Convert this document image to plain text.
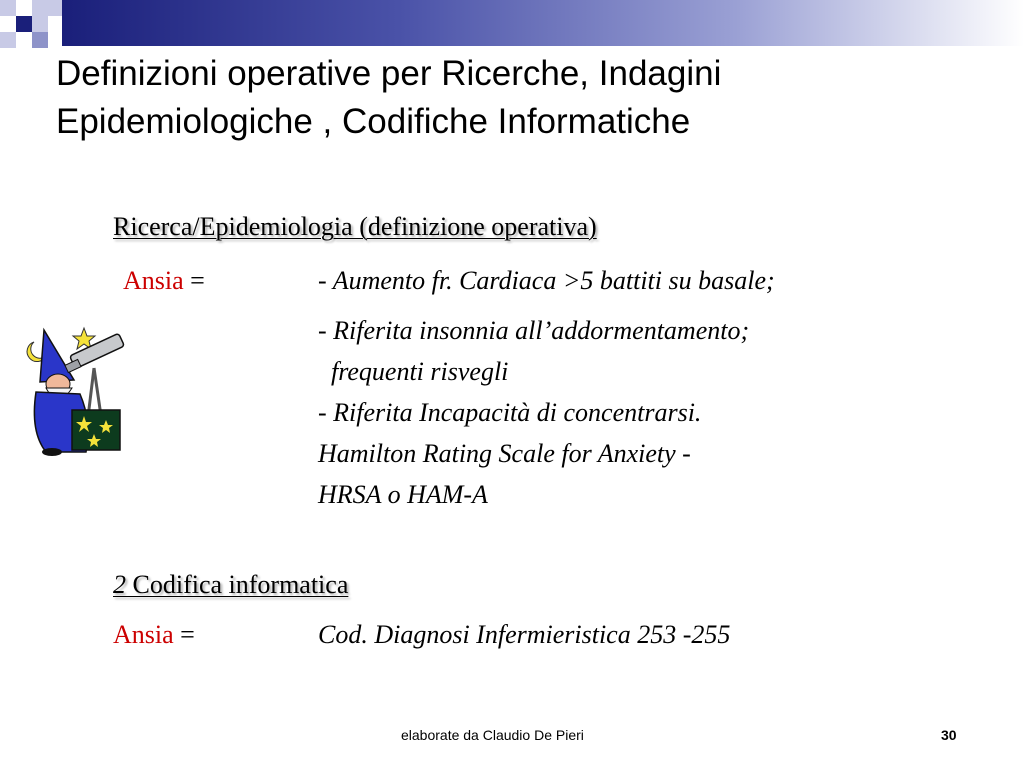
Definizioni operative per Ricerche, Indagini
Epidemiologiche , Codifiche Informatiche
Ricerca/Epidemiologia (definizione operativa)
Ansia =	- Aumento fr. Cardiaca >5 battiti su basale;
- Riferita insonnia all’addormentamento;
frequenti risvegli
- Riferita Incapacità di concentrarsi.
Hamilton Rating Scale for Anxiety -
HRSA o HAM-A
2 Codifica informatica
Ansia =	Cod. Diagnosi Infermieristica 253 -255
elaborate da Claudio De Pieri	30
